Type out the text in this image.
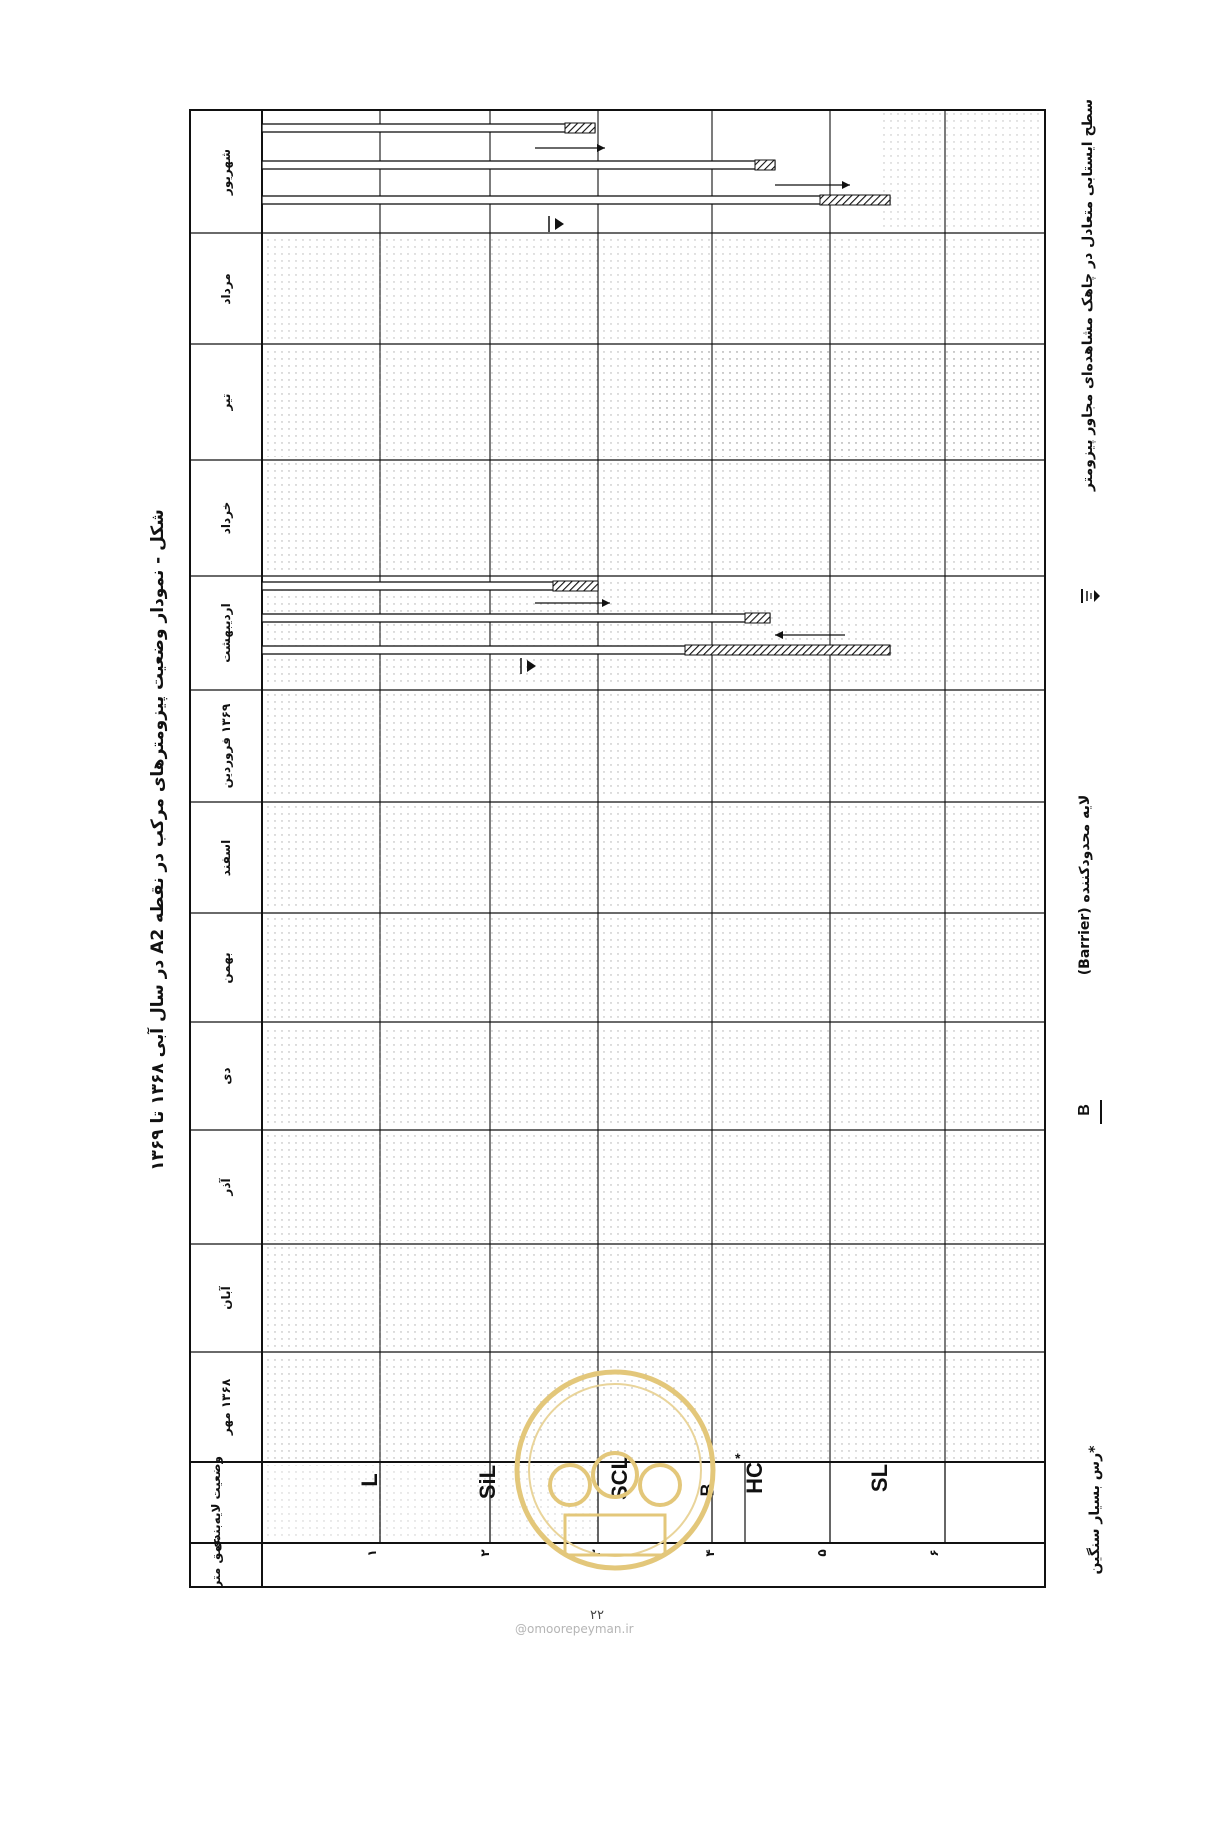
شکل - نمودار وضعیت پیزومترهای مرکب در نقطه A2 در سال آبی ۱۳۶۸ تا ۱۳۶۹
۱۳۶۸ مهر
آبان
آذر
دی
بهمن
اسفند
۱۳۶۹ فروردین
اردیبهشت
خرداد
تیر
مرداد
شهریور
عمق متر
وضعیت لایه‌بندی	L	SiL	SCL	B HC
*
SL
۱	۲	۳	۴	۵	۶	*رس بسیار سنگین
B
لایه محدودکننده (Barrier)
سطح ایستابی متعادل در چاهک مشاهده‌ای مجاور پیزومتر
@omoorepeyman.ir
۲۲
